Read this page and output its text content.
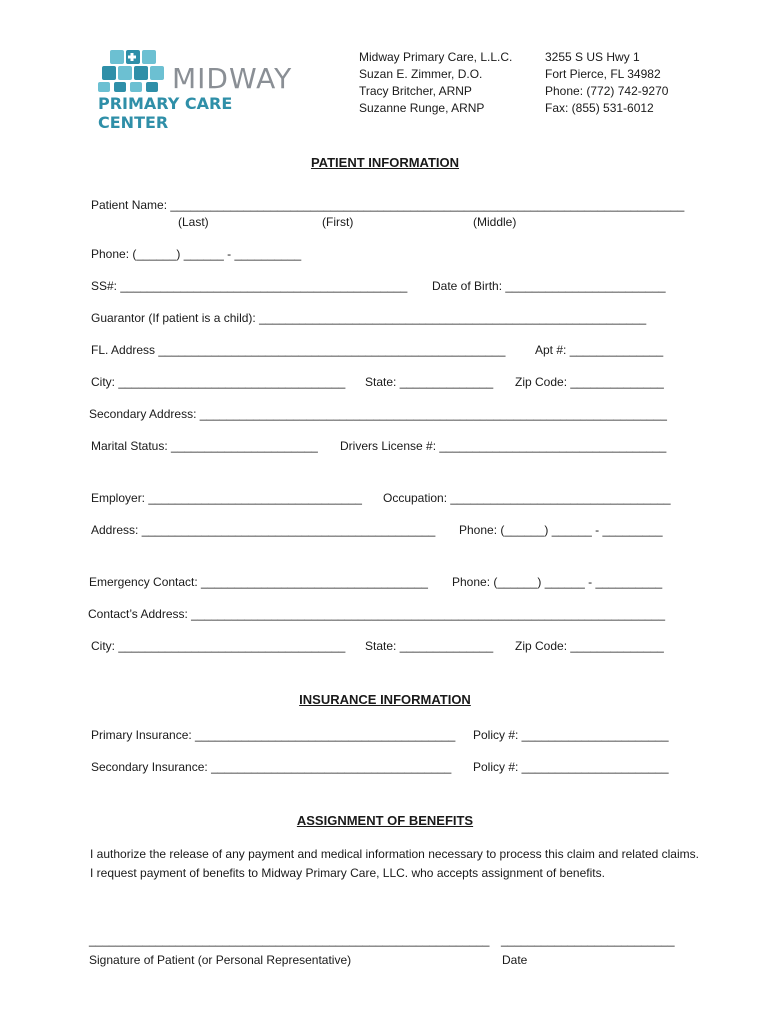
MIDWAY
PRIMARY CARE CENTER
Midway Primary Care, L.L.C.
Suzan E. Zimmer, D.O.
Tracy Britcher, ARNP
Suzanne Runge, ARNP
3255 S US Hwy 1
Fort Pierce, FL 34982
Phone: (772) 742-9270
Fax: (855) 531-6012
PATIENT INFORMATION
Patient Name: _____________________________________________________________________________
(Last)	(First)	(Middle)
Phone: (______) ______ - __________
SS#: ___________________________________________ Date of Birth: ________________________
Guarantor (If patient is a child): __________________________________________________________
FL. Address ____________________________________________________ Apt #: ______________
City: __________________________________ State: ______________ Zip Code: ______________
Secondary Address: ______________________________________________________________________
Marital Status: ______________________ Drivers License #: __________________________________
Employer: ________________________________ Occupation: _________________________________
Address: ____________________________________________ Phone: (______) ______ - _________
Emergency Contact: __________________________________ Phone: (______) ______ - __________
Contact’s Address: _______________________________________________________________________
City: __________________________________ State: ______________ Zip Code: ______________
INSURANCE INFORMATION
Primary Insurance: _______________________________________ Policy #: ______________________
Secondary Insurance: ____________________________________ Policy #: ______________________
ASSIGNMENT OF BENEFITS
I authorize the release of any payment and medical information necessary to process this claim and related claims. I request payment of benefits to Midway Primary Care, LLC. who accepts assignment of benefits.
____________________________________________________________ __________________________
Signature of Patient (or Personal Representative)	Date
